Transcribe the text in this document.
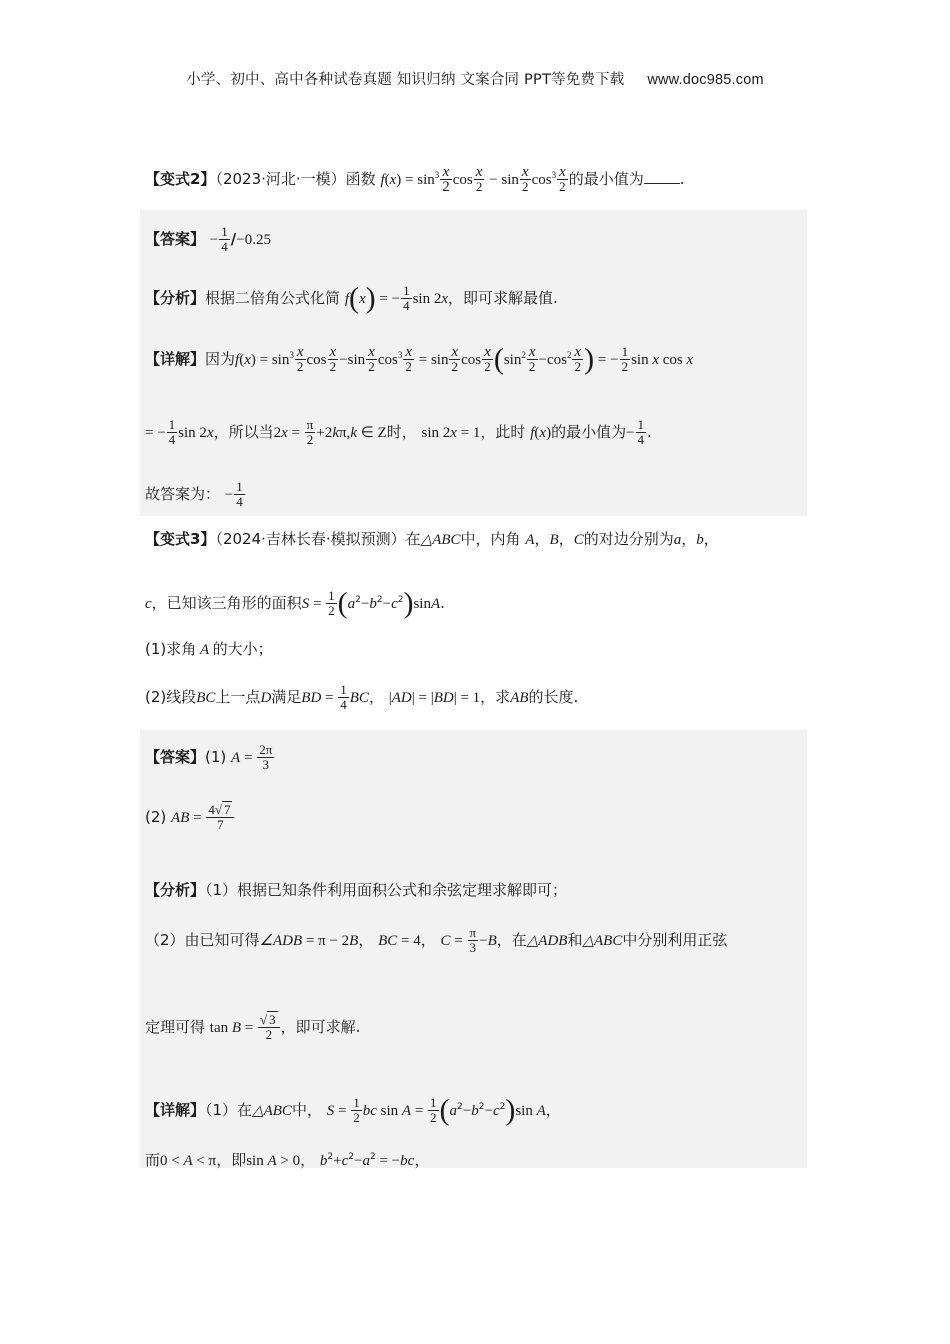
小学、初中、高中各种试卷真题 知识归纳 文案合同 PPT等免费下载 www.doc985.com
【变式2】（2023·河北·一模）函数 $f(x) = \sin^3 \frac{x}{2}$ $\cos \frac{x}{2} - \sin \frac{x}{2} \cos^3 \frac{x}{2}$ 的最小值为 .
【答案】 − $\frac{1}{4} /-0.25$
【分析】根据二倍角公式化简 f(x) = − $\frac{1}{4}$ sin 2x，即可求解最值.
【详解】因为$f(x) = \sin^3 \frac{x}{2}$ $\cos \frac{x}{2} -\sin \frac{x}{2} \cos^3 \frac{x}{2} = \sin \frac{x}{2}$ $\cos \frac{x}{2} (\sin^2 \frac{x}{2} -\cos^2 \frac{x}{2}$ ) = − $\frac{1}{2}$ sin x cos x
= − $\frac{1}{4}$ sin 2x，所以当$2x = \frac{\pi}{2} +2k\pi,k$ ∈ Z时， sin 2x = 1，此时 f(x)的最小值为− $\frac{1}{4}$ .
故答案为： − $\frac{1}{4}$
【变式3】（2024·吉林长春·模拟预测）在△ABC中，内角 A，B，C的对边分别为a，b，
c，已知该三角形的面积$S = \frac{1}{2} (a^2-b^2-c^2)\sin A$.
(1)求角 A 的大小；
(2)线段BC上一点D满足BD = $\frac{1}{4}$ BC， |AD| = |BD| = 1，求AB的长度.
【答案】(1) $A = \frac{2\pi}{3}$
(2) AB = $\frac{4√ 7}{7}$
【分析】（1）根据已知条件利用面积公式和余弦定理求解即可；
（2）由已知可得∠ADB = π − 2B， BC = 4， $C = \frac{\pi}{3} -B$，在△ADB和△ABC中分别利用正弦
定理可得 $\tan B = \frac{√ 3}{2}$ ，即可求解.
【详解】（1）在△ABC中， $S = \frac{1}{2}$ bc $\sin A = \frac{1}{2} (a^2-b^2-c^2)\sin$ A，
而0 < A < π，即sin A > 0， $b^2+c^2-a^2 = -bc$，
